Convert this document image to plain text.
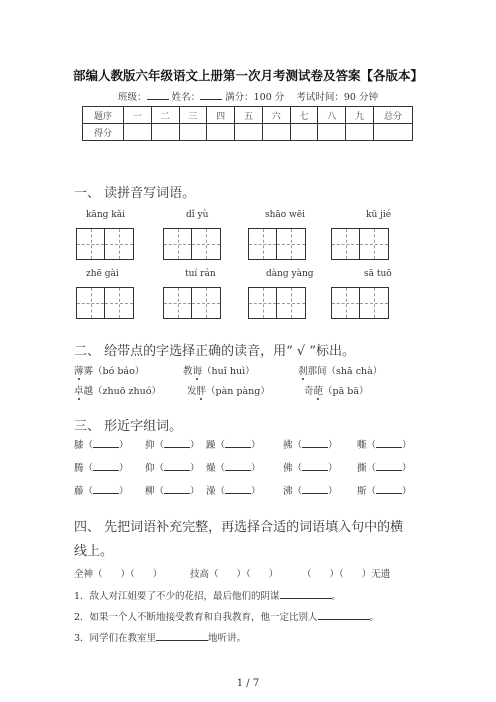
部编人教版六年级语文上册第一次月考测试卷及答案【各版本】
班级：	姓名：	满分：100 分 考试时间：90 分钟
题序	一	二	三	四	五	六	七	八	九	总分
得分										
一、 读拼音写词语。
kāng kǎi	dǐ yù	shāo wēi	kū jié
zhē gài	tuí rán	dàng yàng	sā tuō
二、 给带点的字选择正确的读音，用“ √ ”标出。
薄雾（bó báo）	教诲（huǐ huì）	刹那间（shā chà）
卓越（zhuō zhuó）	发胖（pàn pàng）	奇葩（pā bā）
三、 形近字组词。
膝（	） 抑（	） 躁（	） 拂（	） 嘶（	）
腾（	） 仰（	） 燥（	） 佛（	） 撕（	）
藤（	） 柳（	） 澡（	） 沸（	） 斯（	）
四、 先把词语补充完整，再选择合适的词语填入句中的横
线上。
全神（ ）（ ）	技高（ ）（ ） （ ）（ ）无遗
1．敌人对江姐要了不少的花招，最后他们的阴谋	。
2．如果一个人不断地接受教育和自我教育，他一定比别人	。
3．同学们在教室里	地听讲。
1 / 7
